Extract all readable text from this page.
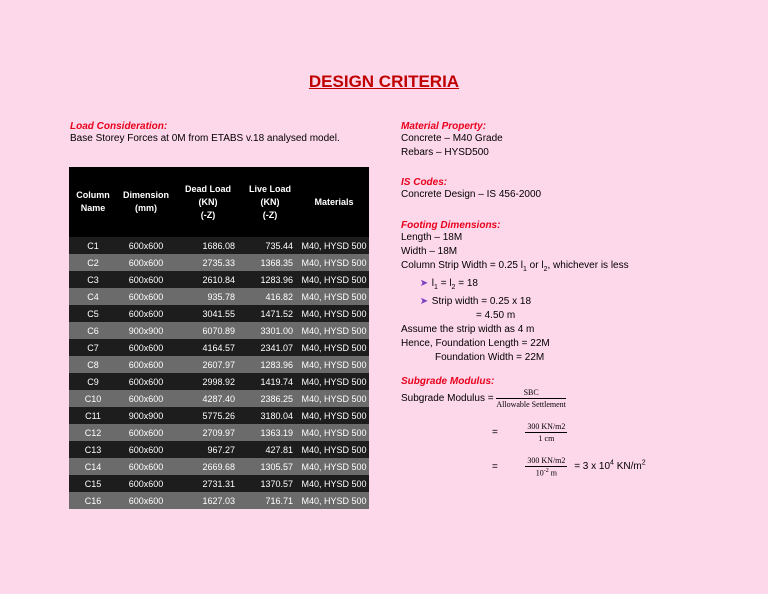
DESIGN CRITERIA
Load Consideration:
Base Storey Forces at 0M from ETABS v.18 analysed model.
Column Name	Dimension (mm)	Dead Load
(KN)
(-Z)	Live Load
(KN)
(-Z)	Materials
C1	600x600	1686.08	735.44	M40, HYSD 500
C2	600x600	2735.33	1368.35	M40, HYSD 500
C3	600x600	2610.84	1283.96	M40, HYSD 500
C4	600x600	935.78	416.82	M40, HYSD 500
C5	600x600	3041.55	1471.52	M40, HYSD 500
C6	900x900	6070.89	3301.00	M40, HYSD 500
C7	600x600	4164.57	2341.07	M40, HYSD 500
C8	600x600	2607.97	1283.96	M40, HYSD 500
C9	600x600	2998.92	1419.74	M40, HYSD 500
C10	600x600	4287.40	2386.25	M40, HYSD 500
C11	900x900	5775.26	3180.04	M40, HYSD 500
C12	600x600	2709.97	1363.19	M40, HYSD 500
C13	600x600	967.27	427.81	M40, HYSD 500
C14	600x600	2669.68	1305.57	M40, HYSD 500
C15	600x600	2731.31	1370.57	M40, HYSD 500
C16	600x600	1627.03	716.71	M40, HYSD 500
Material Property:
Concrete – M40 Grade
Rebars – HYSD500
IS Codes:
Concrete Design – IS 456-2000
Footing Dimensions:
Length – 18M
Width – 18M
Column Strip Width = 0.25 $l_1$ or $l_2$, whichever is less
➤ $l_1 = l_2 = 18$
➤ Strip width = 0.25 x 18
= 4.50 m
Assume the strip width as 4 m
Hence, Foundation Length = 22M
Foundation Width = 22M
Subgrade Modulus:
Subgrade Modulus = $\frac{\text{SBC}}{\text{Allowable Settlement}}$
=	$\frac{300 KN/m2}{1 cm}$
=	$\frac{300 KN/m2}{10^{-2} m} = 3$ x $10^4$ $KN/m^2$
